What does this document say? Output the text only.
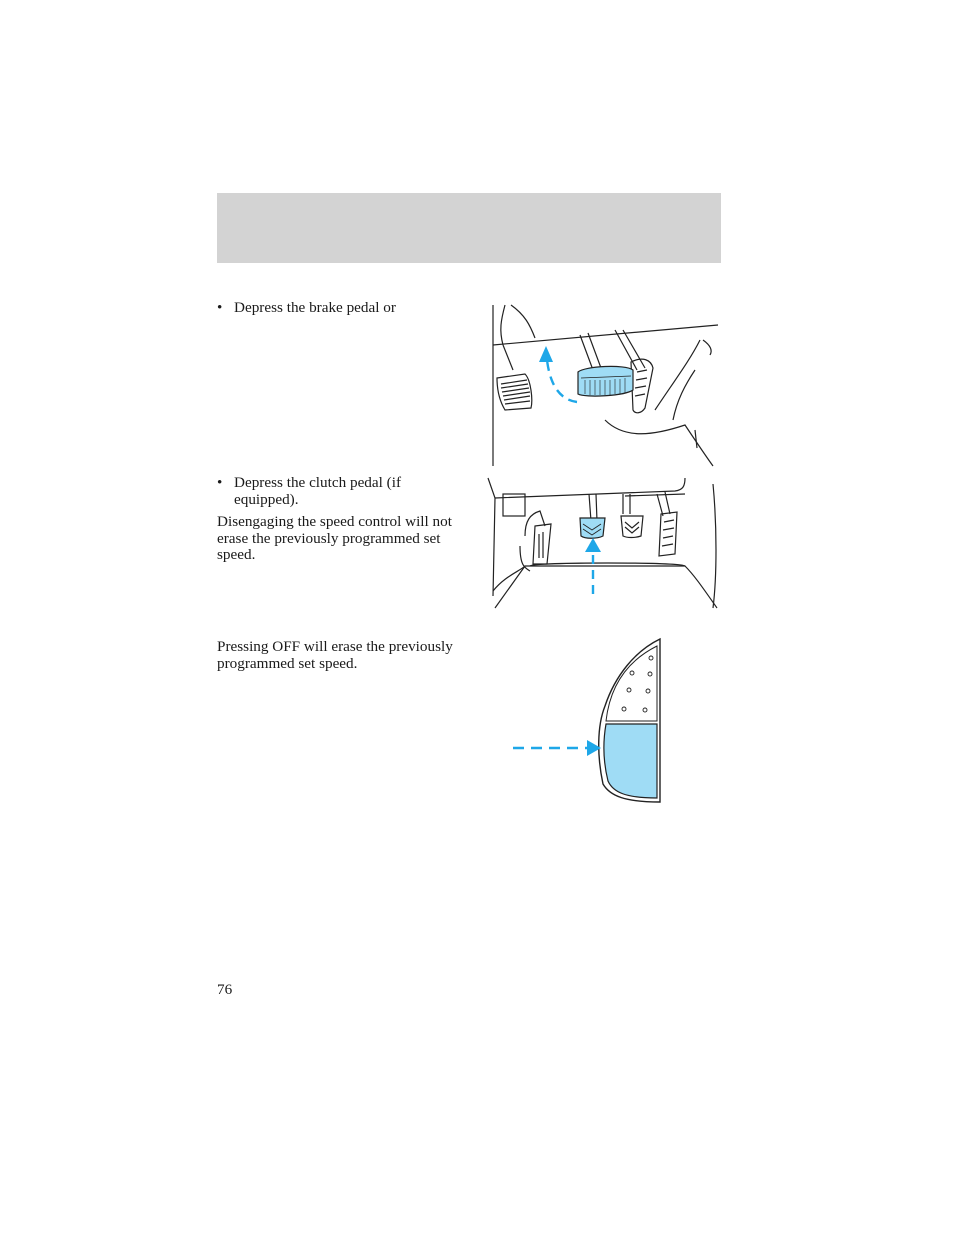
• Depress the brake pedal or
• Depress the clutch pedal (if equipped).
Disengaging the speed control will not erase the previously programmed set speed.
Pressing OFF will erase the previously programmed set speed.
76
